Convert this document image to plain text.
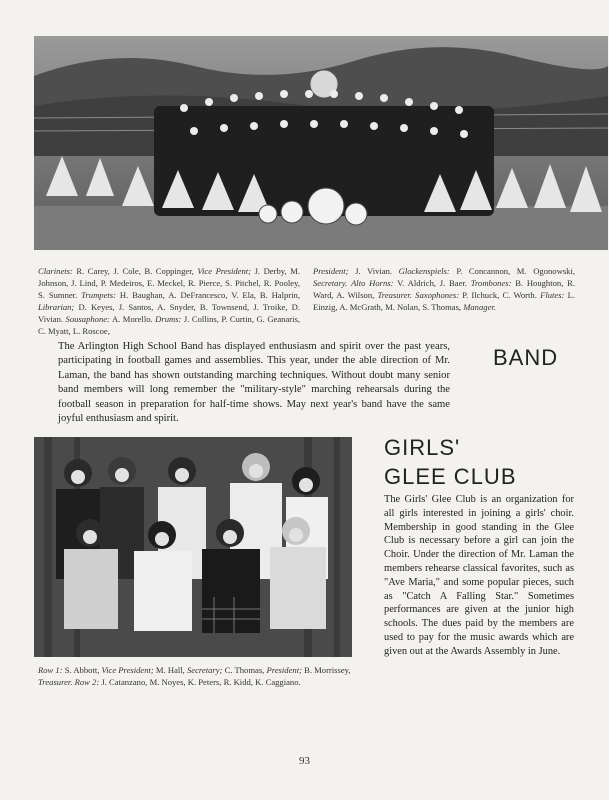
Clarinets: R. Carey, J. Cole, B. Coppinger, Vice President; J. Derby, M. Johnson, J. Lind, P. Medeiros, E. Meckel, R. Pierce, S. Pitchel, R. Pooley, S. Sumner. Trumpets: H. Baughan, A. DeFrancesco, V. Ela, B. Halprin, Librarian; D. Keyes, J. Santos, A. Snyder, B. Townsend, J. Troike, D. Vivian. Sousaphone: A. Morello. Drums: J. Collins, P. Curtin, G. Geanaris, C. Myatt, L. Roscoe,
President; J. Vivian. Glockenspiels: P. Concannon, M. Ogonowski, Secretary. Alto Horns: V. Aldrich, J. Baer. Trombones: B. Houghton, R. Ward, A. Wilson, Treasurer. Saxophones: P. Ilchuck, C. Worth. Flutes: L. Einzig, A. McGrath, M. Nolan, S. Thomas, Manager.
The Arlington High School Band has displayed enthusiasm and spirit over the past years, participating in football games and assemblies. This year, under the able direction of Mr. Laman, the band has shown outstanding marching techniques. Without doubt many senior band members will long remember the "military-style" marching rehearsals during the football season in preparation for half-time shows. May next year's band have the same joyful enthusiasm and spirit.
BAND
GIRLS'
GLEE CLUB
The Girls' Glee Club is an organization for all girls interested in joining a girls' choir. Membership in good standing in the Glee Club is necessary before a girl can join the Choir. Under the direction of Mr. Laman the members rehearse classical favorites, such as "Ave Maria," and some popular pieces, such as "Catch A Falling Star." Sometimes performances are given at the junior high schools. The dues paid by the members are used to pay for the music awards which are given out at the Awards Assembly in June.
Row 1: S. Abbott, Vice President; M. Hall, Secretary; C. Thomas, President; B. Morrissey, Treasurer. Row 2: J. Catanzano, M. Noyes, K. Peters, R. Kidd, K. Caggiano.
93
